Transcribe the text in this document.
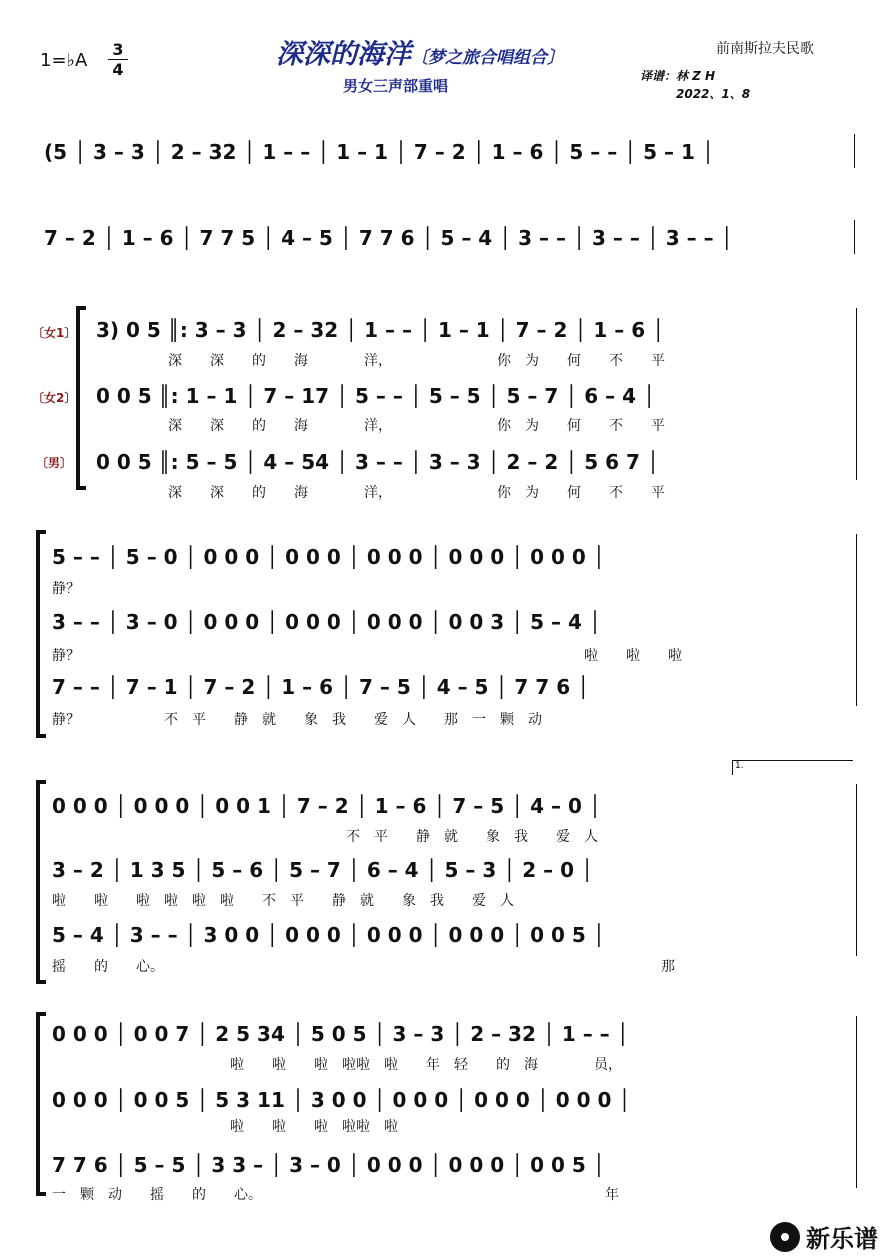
深深的海洋〔梦之旅合唱组合〕
男女三声部重唱
1=♭A
3
4
前南斯拉夫民歌
译谱：林 Z H
2022、1、8
(5 │ 3 – 3 │ 2 – 32 │ 1 – – │ 1 – 1 │ 7 – 2 │ 1 – 6 │ 5 – – │ 5 – 1 │
7 – 2 │ 1 – 6 │ 7 7 5 │ 4 – 5 │ 7 7 6 │ 5 – 4 │ 3 – – │ 3 – – │ 3 – – │
〔女1〕
〔女2〕
〔男〕
3) 0 5 ║: 3 – 3 │ 2 – 32 │ 1 – – │ 1 – 1 │ 7 – 2 │ 1 – 6 │
深　　深　　的　　海　　　　洋，　　　　　　　　你　为　　何　　不　　平
0 0 5 ║: 1 – 1 │ 7 – 17 │ 5 – – │ 5 – 5 │ 5 – 7 │ 6 – 4 │
深　　深　　的　　海　　　　洋，　　　　　　　　你　为　　何　　不　　平
0 0 5 ║: 5 – 5 │ 4 – 54 │ 3 – – │ 3 – 3 │ 2 – 2 │ 5 6 7 │
深　　深　　的　　海　　　　洋，　　　　　　　　你　为　　何　　不　　平
5 – – │ 5 – 0 │ 0 0 0 │ 0 0 0 │ 0 0 0 │ 0 0 0 │ 0 0 0 │
静？
3 – – │ 3 – 0 │ 0 0 0 │ 0 0 0 │ 0 0 0 │ 0 0 3 │ 5 – 4 │
静？　　　　　　　　　　　　　　　　　　　　　　　　　　　　　　　　　　　　啦　　啦　　啦
7 – – │ 7 – 1 │ 7 – 2 │ 1 – 6 │ 7 – 5 │ 4 – 5 │ 7 7 6 │
静？　　　　　　不　平　　静　就　　象　我　　爱　人　　那　一　颗　动
1.
0 0 0 │ 0 0 0 │ 0 0 1 │ 7 – 2 │ 1 – 6 │ 7 – 5 │ 4 – 0 │
不　平　　静　就　　象　我　　爱　人
3 – 2 │ 1 3 5 │ 5 – 6 │ 5 – 7 │ 6 – 4 │ 5 – 3 │ 2 – 0 │
啦　　啦　　啦　啦　啦　啦　　不　平　　静　就　　象　我　　爱　人
5 – 4 │ 3 – – │ 3 0 0 │ 0 0 0 │ 0 0 0 │ 0 0 0 │ 0 0 5 │
摇　　的　　心。　　　　　　　　　　　　　　　　　　　　　　　　　　　　　　　　　　　　那
0 0 0 │ 0 0 7 │ 2 5 34 │ 5 0 5 │ 3 – 3 │ 2 – 32 │ 1 – – │
啦　　啦　　啦　啦啦　啦　　年　轻　　的　海　　　　员，
0 0 0 │ 0 0 5 │ 5 3 11 │ 3 0 0 │ 0 0 0 │ 0 0 0 │ 0 0 0 │
啦　　啦　　啦　啦啦　啦
7 7 6 │ 5 – 5 │ 3 3 – │ 3 – 0 │ 0 0 0 │ 0 0 0 │ 0 0 5 │
一　颗　动　　摇　　的　　心。　　　　　　　　　　　　　　　　　　　　　　　　　年
新乐谱
